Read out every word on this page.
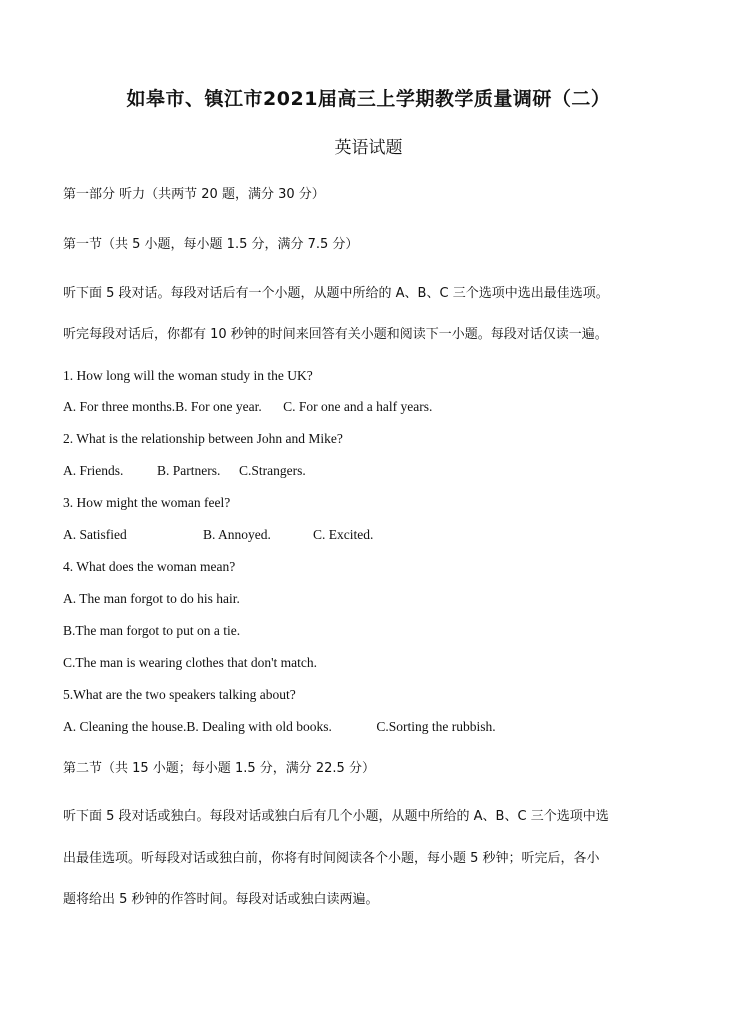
如皋市、镇江市2021届高三上学期教学质量调研（二）
英语试题
第一部分 听力（共两节 20 题，满分 30 分）
第一节（共 5 小题，每小题 1.5 分，满分 7.5 分）
听下面 5 段对话。每段对话后有一个小题，从题中所给的 A、B、C 三个选项中选出最佳选项。
听完每段对话后，你都有 10 秒钟的时间来回答有关小题和阅读下一小题。每段对话仅读一遍。
1. How long will the woman study in the UK?
A. For three months.B. For one year. C. For one and a half years.
2. What is the relationship between John and Mike?
A. Friends. B. Partners. C.Strangers.
3. How might the woman feel?
A. Satisfied	B. Annoyed.	C. Excited.
4. What does the woman mean?
A. The man forgot to do his hair.
B.The man forgot to put on a tie.
C.The man is wearing clothes that don't match.
5.What are the two speakers talking about?
A. Cleaning the house.B. Dealing with old books.	C.Sorting the rubbish.
第二节（共 15 小题；每小题 1.5 分，满分 22.5 分）
听下面 5 段对话或独白。每段对话或独白后有几个小题，从题中所给的 A、B、C 三个选项中选
出最佳选项。听每段对话或独白前，你将有时间阅读各个小题，每小题 5 秒钟；听完后，各小
题将给出 5 秒钟的作答时间。每段对话或独白读两遍。
